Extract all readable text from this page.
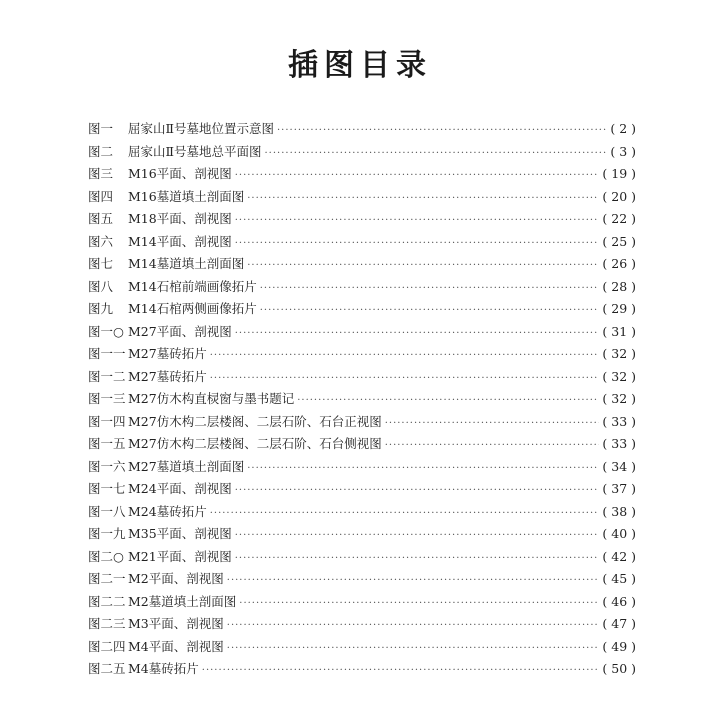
插图目录
图一	屈家山Ⅱ号墓地位置示意图 ·····	( 2 )
图二	屈家山Ⅱ号墓地总平面图 ·····	( 3 )
图三	M16平面、剖视图 ·····	( 19 )
图四	M16墓道填土剖面图 ·····	( 20 )
图五	M18平面、剖视图 ·····	( 22 )
图六	M14平面、剖视图 ·····	( 25 )
图七	M14墓道填土剖面图 ·····	( 26 )
图八	M14石棺前端画像拓片 ·····	( 28 )
图九	M14石棺两侧画像拓片 ·····	( 29 )
图一○ M27平面、剖视图 ·····	( 31 )
图一一 M27墓砖拓片 ·····	( 32 )
图一二 M27墓砖拓片 ·····	( 32 )
图一三 M27仿木构直棂窗与墨书题记 ·····	( 32 )
图一四 M27仿木构二层楼阁、二层石阶、石台正视图 ·····	( 33 )
图一五 M27仿木构二层楼阁、二层石阶、石台侧视图 ·····	( 33 )
图一六 M27墓道填土剖面图 ·····	( 34 )
图一七 M24平面、剖视图 ·····	( 37 )
图一八 M24墓砖拓片 ·····	( 38 )
图一九 M35平面、剖视图 ·····	( 40 )
图二○ M21平面、剖视图 ·····	( 42 )
图二一 M2平面、剖视图 ·····	( 45 )
图二二 M2墓道填土剖面图 ·····	( 46 )
图二三 M3平面、剖视图 ·····	( 47 )
图二四 M4平面、剖视图 ·····	( 49 )
图二五 M4墓砖拓片 ·····	( 50 )
